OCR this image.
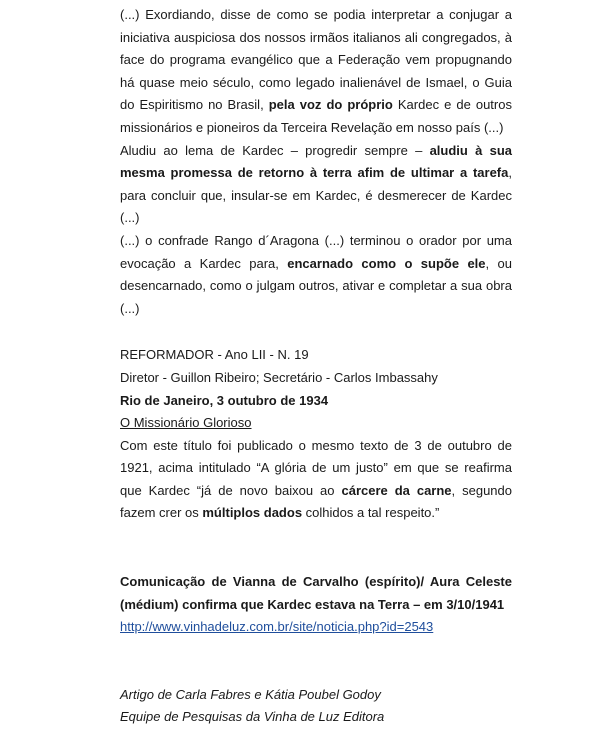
(...) Exordiando, disse de como se podia interpretar a conjugar a iniciativa auspiciosa dos nossos irmãos italianos ali congregados, à face do programa evangélico que a Federação vem propugnando há quase meio século, como legado inalienável de Ismael, o Guia do Espiritismo no Brasil, pela voz do próprio Kardec e de outros missionários e pioneiros da Terceira Revelação em nosso país (...)

Aludiu ao lema de Kardec – progredir sempre – aludiu à sua mesma promessa de retorno à terra afim de ultimar a tarefa, para concluir que, insular-se em Kardec, é desmerecer de Kardec (...)

(...) o confrade Rango d´Aragona (...) terminou o orador por uma evocação a Kardec para, encarnado como o supõe ele, ou desencarnado, como o julgam outros, ativar e completar a sua obra (...)

REFORMADOR - Ano LII - N. 19
Diretor - Guillon Ribeiro; Secretário - Carlos Imbassahy
Rio de Janeiro, 3 outubro de 1934
O Missionário Glorioso

Com este título foi publicado o mesmo texto de 3 de outubro de 1921, acima intitulado “A glória de um justo” em que se reafirma que Kardec “já de novo baixou ao cárcere da carne, segundo fazem crer os múltiplos dados colhidos a tal respeito.”

Comunicação de Vianna de Carvalho (espírito)/ Aura Celeste (médium) confirma que Kardec estava na Terra – em 3/10/1941
http://www.vinhadeluz.com.br/site/noticia.php?id=2543

Artigo de Carla Fabres e Kátia Poubel Godoy
Equipe de Pesquisas da Vinha de Luz Editora
